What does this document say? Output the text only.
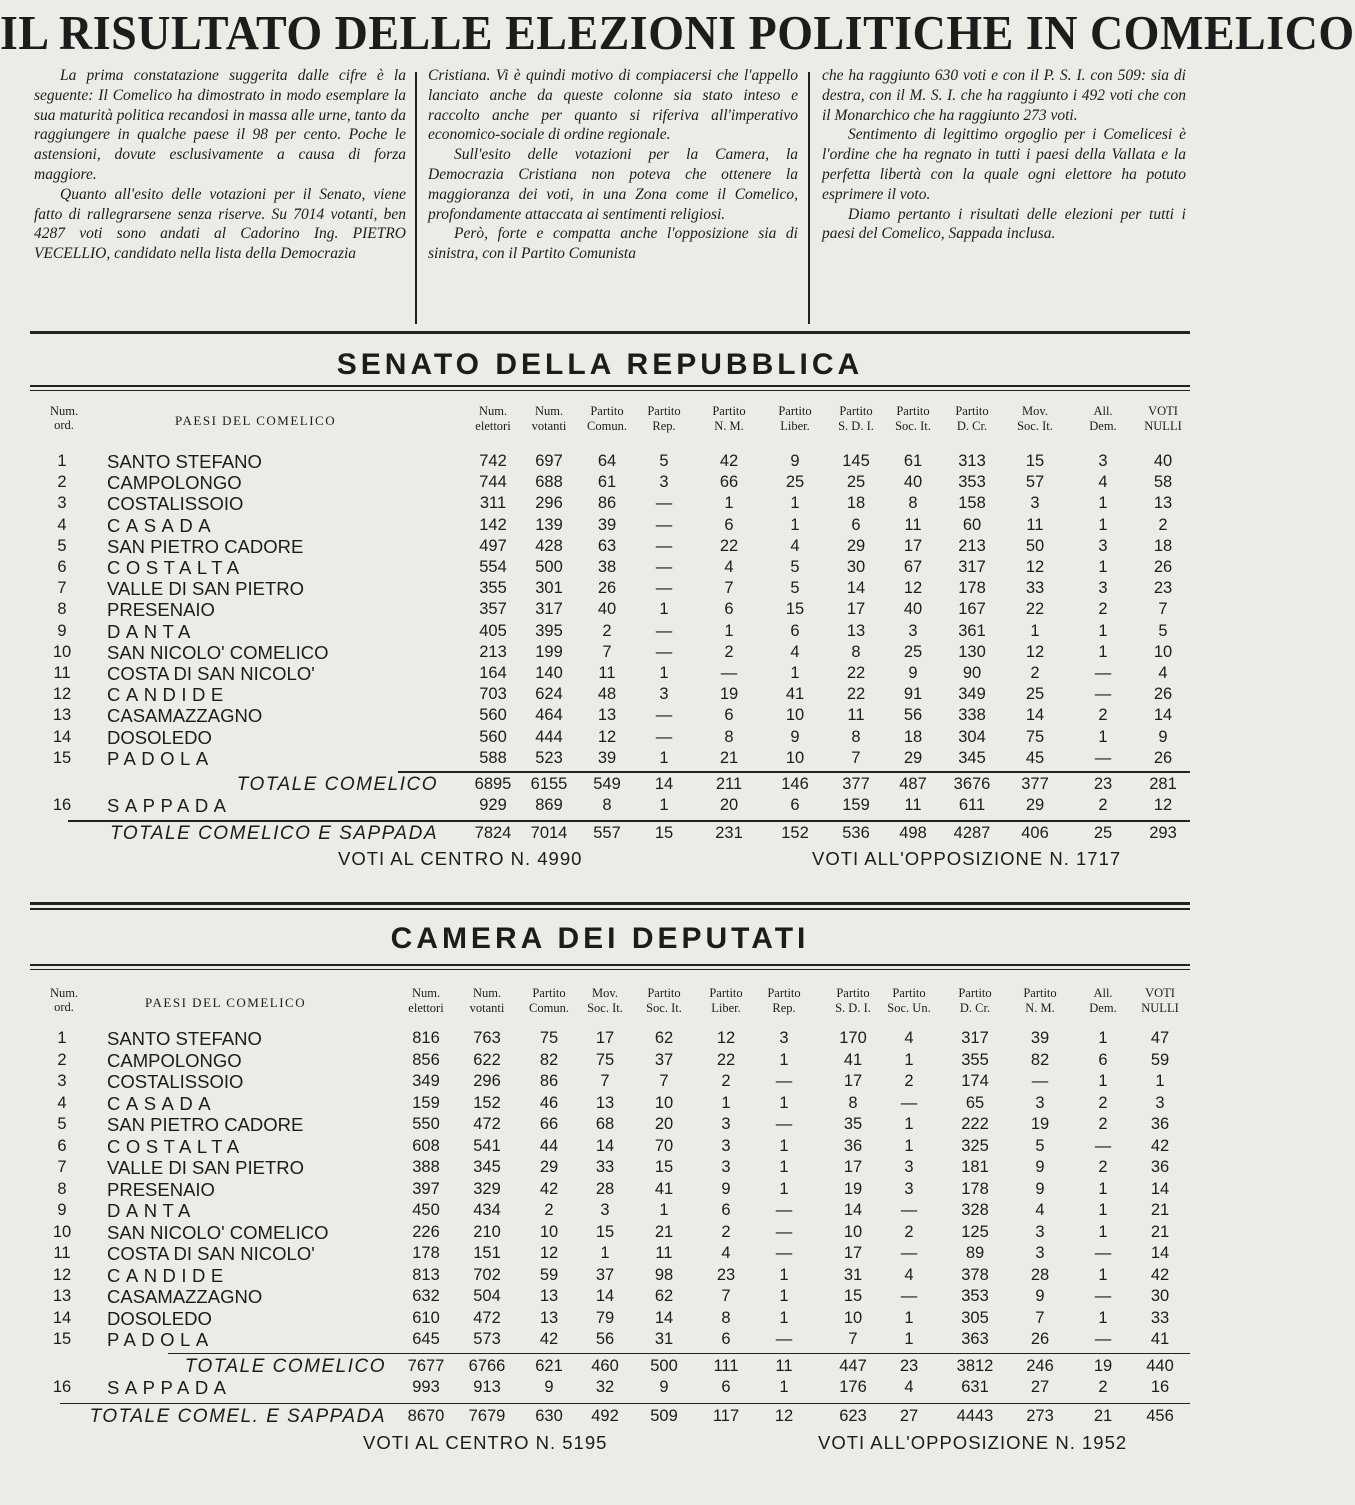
IL RISULTATO DELLE ELEZIONI POLITICHE IN COMELICO

La prima constatazione suggerita dalle cifre è la seguente: Il Comelico ha dimostrato in modo esemplare la sua maturità politica recandosi in massa alle urne, tanto da raggiungere in qualche paese il 98 per cento. Poche le astensioni, dovute esclusivamente a causa di forza maggiore.

Quanto all'esito delle votazioni per il Senato, viene fatto di rallegrarsene senza riserve. Su 7014 votanti, ben 4287 voti sono andati al Cadorino Ing. PIETRO VECELLIO, candidato nella lista della Democrazia

Cristiana. Vi è quindi motivo di compiacersi che l'appello lanciato anche da queste colonne sia stato inteso e raccolto anche per quanto si riferiva all'imperativo economico-sociale di ordine regionale.

Sull'esito delle votazioni per la Camera, la Democrazia Cristiana non poteva che ottenere la maggioranza dei voti, in una Zona come il Comelico, profondamente attaccata ai sentimenti religiosi.

Però, forte e compatta anche l'opposizione sia di sinistra, con il Partito Comunista

che ha raggiunto 630 voti e con il P. S. I. con 509: sia di destra, con il M. S. I. che ha raggiunto i 492 voti che con il Monarchico che ha raggiunto 273 voti.

Sentimento di legittimo orgoglio per i Comelicesi è l'ordine che ha regnato in tutti i paesi della Vallata e la perfetta libertà con la quale ogni elettore ha potuto esprimere il voto.

Diamo pertanto i risultati delle elezioni per tutti i paesi del Comelico, Sappada inclusa.

SENATO DELLA REPUBBLICA
Num.
ord.	PAESI DEL COMELICO
Num.
elettori
Num.
votanti
Partito
Comun.
Partito
Rep.
Partito
N. M.
Partito
Liber.
Partito
S. D. I.
Partito
Soc. It.
Partito
D. Cr.
Mov.
Soc. It.
All.
Dem.
VOTI
NULLI
1	SANTO STEFANO	742	697	64	5	42	9	145	61	313	15	3	40
2	CAMPOLONGO	744	688	61	3	66	25	25	40	353	57	4	58
3	COSTALISSOIO	311	296	86	—	1	1	18	8	158	3	1	13
4	CASADA	142	139	39	—	6	1	6	11	60	11	1	2
5	SAN PIETRO CADORE	497	428	63	—	22	4	29	17	213	50	3	18
6	COSTALTA	554	500	38	—	4	5	30	67	317	12	1	26
7	VALLE DI SAN PIETRO	355	301	26	—	7	5	14	12	178	33	3	23
8	PRESENAIO	357	317	40	1	6	15	17	40	167	22	2	7
9	DANTA	405	395	2	—	1	6	13	3	361	1	1	5
10	SAN NICOLO' COMELICO	213	199	7	—	2	4	8	25	130	12	1	10
11	COSTA DI SAN NICOLO'	164	140	11	1	—	1	22	9	90	2	—	4
12	CANDIDE	703	624	48	3	19	41	22	91	349	25	—	26
13	CASAMAZZAGNO	560	464	13	—	6	10	11	56	338	14	2	14
14	DOSOLEDO	560	444	12	—	8	9	8	18	304	75	1	9
15	PADOLA	588	523	39	1	21	10	7	29	345	45	—	26
TOTALE COMELICO	6895	6155	549	14	211	146	377	487	3676	377	23	281
16	SAPPADA	929	869	8	1	20	6	159	11	611	29	2	12
TOTALE COMELICO E SAPPADA	7824	7014	557	15	231	152	536	498	4287	406	25	293
VOTI AL CENTRO N. 4990	VOTI ALL'OPPOSIZIONE N. 1717
CAMERA DEI DEPUTATI
Num.
ord.	PAESI DEL COMELICO
Num.
elettori
Num.
votanti
Partito
Comun.
Mov.
Soc. It.
Partito
Soc. It.
Partito
Liber.
Partito
Rep.
Partito
S. D. I.
Partito
Soc. Un.
Partito
D. Cr.
Partito
N. M.
All.
Dem.
VOTI
NULLI
1	SANTO STEFANO	816	763	75	17	62	12	3	170	4	317	39	1	47
2	CAMPOLONGO	856	622	82	75	37	22	1	41	1	355	82	6	59
3	COSTALISSOIO	349	296	86	7	7	2	—	17	2	174	—	1	1
4	CASADA	159	152	46	13	10	1	1	8	—	65	3	2	3
5	SAN PIETRO CADORE	550	472	66	68	20	3	—	35	1	222	19	2	36
6	COSTALTA	608	541	44	14	70	3	1	36	1	325	5	—	42
7	VALLE DI SAN PIETRO	388	345	29	33	15	3	1	17	3	181	9	2	36
8	PRESENAIO	397	329	42	28	41	9	1	19	3	178	9	1	14
9	DANTA	450	434	2	3	1	6	—	14	—	328	4	1	21
10	SAN NICOLO' COMELICO	226	210	10	15	21	2	—	10	2	125	3	1	21
11	COSTA DI SAN NICOLO'	178	151	12	1	11	4	—	17	—	89	3	—	14
12	CANDIDE	813	702	59	37	98	23	1	31	4	378	28	1	42
13	CASAMAZZAGNO	632	504	13	14	62	7	1	15	—	353	9	—	30
14	DOSOLEDO	610	472	13	79	14	8	1	10	1	305	7	1	33
15	PADOLA	645	573	42	56	31	6	—	7	1	363	26	—	41
TOTALE COMELICO	7677	6766	621	460	500	111	11	447	23	3812	246	19	440
16	SAPPADA	993	913	9	32	9	6	1	176	4	631	27	2	16
TOTALE COMEL. E SAPPADA	8670	7679	630	492	509	117	12	623	27	4443	273	21	456
VOTI AL CENTRO N. 5195	VOTI ALL'OPPOSIZIONE N. 1952
